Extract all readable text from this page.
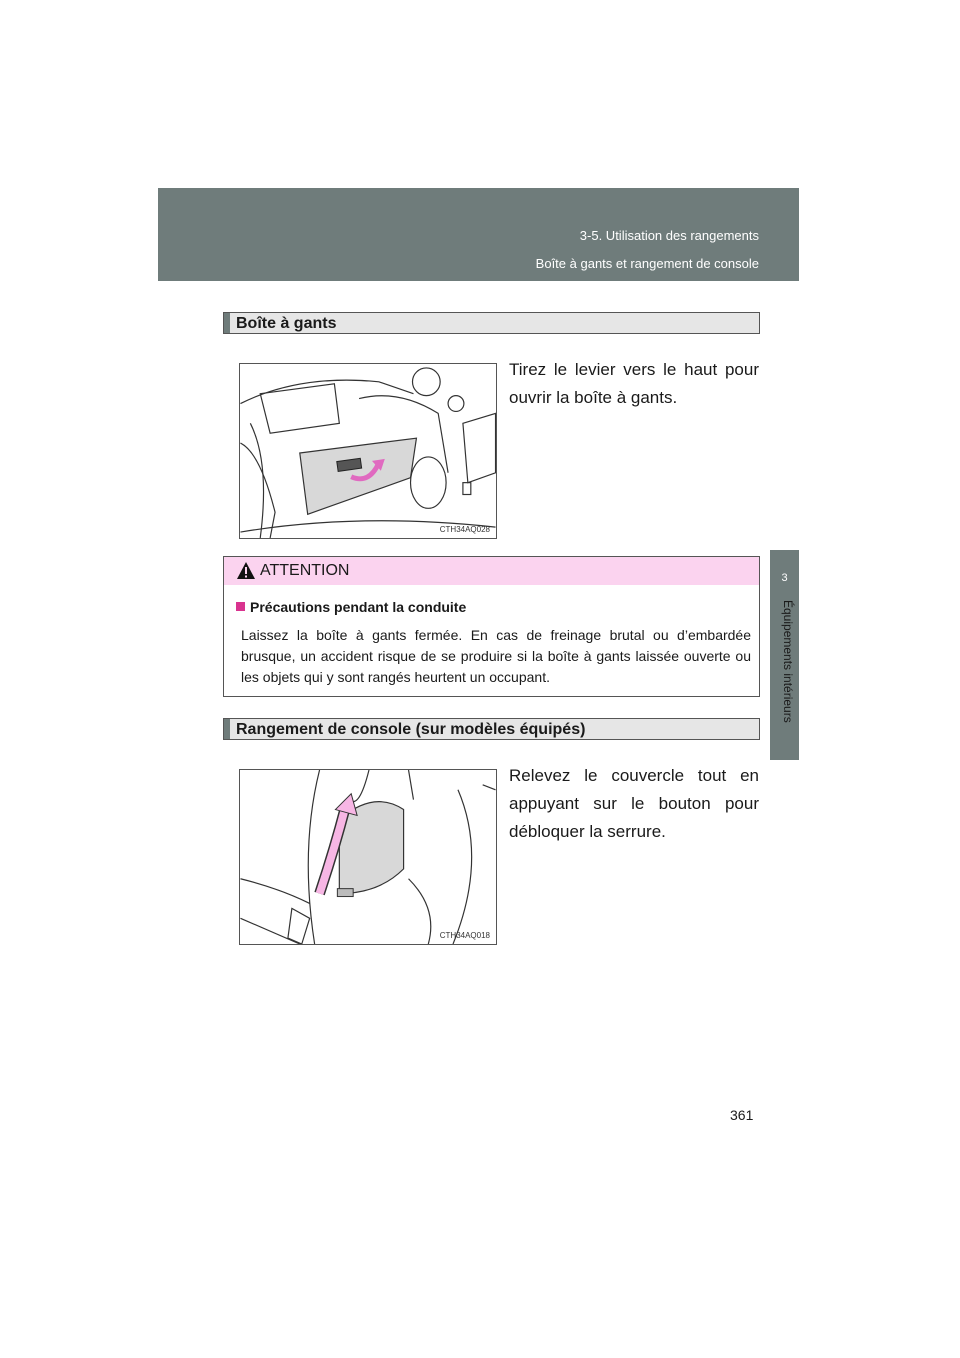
3-5. Utilisation des rangements
Boîte à gants et rangement de console
3
Équipements intérieurs
Boîte à gants
CTH34AQ028
Tirez le levier vers le haut pour ouvrir la boîte à gants.
ATTENTION
Précautions pendant la conduite
Laissez la boîte à gants fermée. En cas de freinage brutal ou d’embardée brusque, un accident risque de se produire si la boîte à gants laissée ouverte ou les objets qui y sont rangés heurtent un occupant.
Rangement de console (sur modèles équipés)
CTH34AQ018
Relevez le couvercle tout en appuyant sur le bouton pour débloquer la serrure.
361
